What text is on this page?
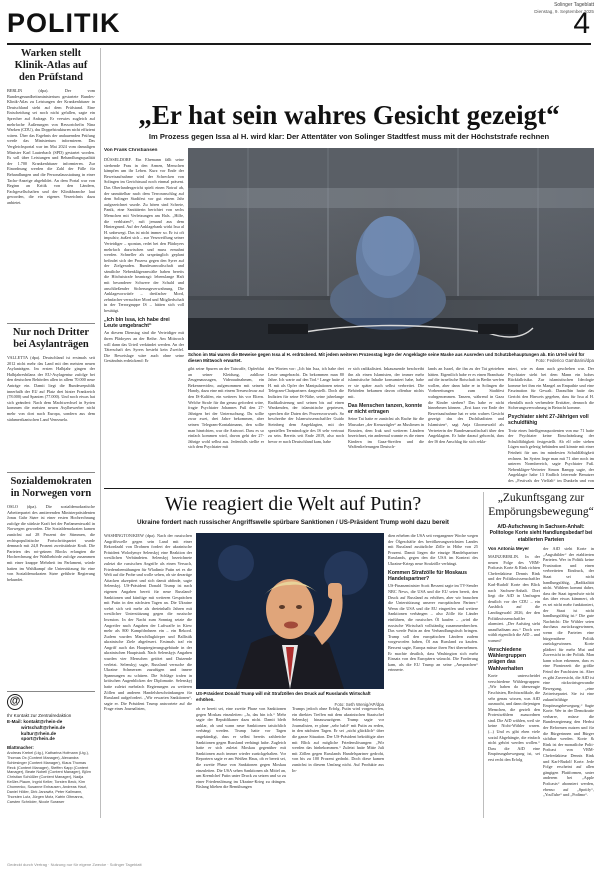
Solinger Tageblatt
Dienstag, 9. September 2025
POLITIK	4
Warken stellt Klinik-Atlas auf den Prüfstand
BERLIN (dpa). Der vom Bundesgesundheitsministerium gestartete Bundes-Klinik-Atlas zu Leistungen der Krankenhäuser in Deutschland steht auf dem Prüfstand. Eine Entscheidung sei noch nicht gefallen, sagte ein Sprecher auf Anfrage. Er verwies zugleich auf mehrfache Äußerungen von Ressortchefin Nina Warken (CDU), das Doppelstrukturen nicht effizient wären. Über das Ergebnis der andauernden Prüfung werde das Ministerium informieren. Das Vergleichsportal war im Mai 2024 vom damaligen Minister Karl Lauterbach (SPD) gestartet worden. Es soll über Leistungen und Behandlungsqualität der 1.700 Krankenhäuser informieren. Zur Einordnung werden die Zahl der Fälle für Behandlungen und die Personalausstattung in einer Tacho-Anzeige abgebildet. An dem Portal war von Beginn an Kritik von den Ländern, Fachgesellschaften und der Klinikbranche laut geworden, die ein eigenes Verzeichnis dazu anbietet.
Nur noch Dritter bei Asylanträgen
VALLETTA (dpa). Deutschland ist erstmals seit 2012 nicht mehr das Land mit den meisten neuen Asylanträgen. Im ersten Halbjahr gingen der Halbjahresbilanz der EU-Asylagentur zufolge bei den deutschen Behörden allen in allem 70.000 neue Anträge ein. Damit liegt die Bundesrepublik innerhalb der EU auf Platz drei hinter Frankreich (78.000) und Spanien (77.000). Und noch etwas hat sich geändert: Nach dem Machtwechsel in Syrien kommen die meisten neuen Asylbewerber nicht mehr von dort nach Europa, sondern aus dem südamerikanischen Land Venezuela.
Sozialdemokraten in Norwegen vorn
OSLO (dpa). Die sozialdemokratische Arbeiterpartei des amtierenden Ministerpräsidenten Jonas Gahr Støre ist einer ersten Hochrechnung zufolge die stärkste Kraft bei der Parlamentswahl in Norwegen geworden. Die Sozialdemokraten kamen zunächst auf 28 Prozent der Stimmen, die rechtspopulistische Fortschrittspartei wurde demnach mit 24,8 Prozent zweitstärkste Kraft. Die Parteien des rot-grünen Blocks erlangten die Hochrechnung der Wahlbehörde zufolge zusammen mit einer knappe Mehrheit im Parlament, würde hatten im Wahlkampf die Unterstützung für eine von Sozialdemokraten Støre geführte Regierung bekundet.
@
Ihr Kontakt zur Zentralredaktion
E-Mail: kontakt@rhein-de
wirtschaft@rhein.de
kultur@rhein.de
sport@rhein.de
Blattmacher:
Andreas Krebel (Ltg.), Katharina Hofmann (Ltg.), Thomas Ox (Content Manager), Alexandra Schlesinger (Content Manager), Klaus Thomas Reck (Content Manager), Steffen Kapp (Content Manager), Beate Nobell (Content Manager), Björn Christian Schüßler (Content Manager), Nadja Keßler-Plaum, Ingrid Keller, Torsten Beck, Kim Chomenko, Susanne Enhausen, Andreas Hauf, Daniel Höller, Dirk Janowitz, Peter Kallmann, Thorsten Lutz, Jürgen Motz, Katrin Oltmanns, Carsten Schröder, Nicole Surawer
„Er hat sein wahres Gesicht gezeigt“
Im Prozess gegen Issa al H. wird klar: Der Attentäter von Solinger Stadtfest muss mit der Höchststrafe rechnen
Von Frank Christiansen
DÜSSELDORF. Ein Ehemann fällt seine sterbende Frau in den Armen, Menschen kämpfen um ihr Leben. Kurz vor Ende der Beweisaufnahme wird der Schrecken von Solingen im Gerichtssaal noch einmal präsent. Das Oberlandesgericht spielt einen Notruf ab, der unmittelbar nach dem Terroranschlag auf dem Solinger Stadtfest vor gut einem Jahr aufgezeichnet wurde. Zu hören sind Schreie, Panik, eine Sanitäterin berichtet von sechs Menschen mit Verletzungen am Hals. „Hilfe, die verbluten!“, ruft jemand aus dem Hintergrund. Auf der Anklagebank wirkt Issa al H. unbewegt. Das ist nicht immer so. Er ist oft impulsiv, äußert sich – zur Verzweiflung seiner Verteidiger – spontan, redet bei den Plädoyers mehrfach dazwischen und muss ermahnt werden. Schneller als ursprünglich geplant befindet sich der Prozess gegen den Syrer auf der Zielgeraden. Bundesanwaltschaft und sämtliche Nebenklägeranwälte haben bereits die Höchststrafe beantragt: lebenslange Haft mit besonderer Schwere der Schuld und anschließender Sicherungsverwahrung. Die Anklagevorwürfe – dreifacher Mord, zehnfacher versuchter Mord und Mitgliedschaft in der Terrorgruppe IS – hätten sich voll bestätigt.
„Ich bin Issa, ich habe drei Leute umgebracht“
An diesem Dienstag sind die Verteidiger mit ihren Plädoyers an der Reihe. Am Mittwoch will dann das Urteil verkündet werden. An der Täterschaft des Syrers besteht kein Zweifel. Die Beweislage wäre auch ohne seine Geständnis erdrückend: Er
Schon im Mai waren die Beweise gegen Issa al H. erdrückend. Mit jedem weiteren Prozesstag legte der Angeklagte seine Maske aus Ausreden und Schutzbehauptungen ab. Ein Urteil wird für diesen Mittwoch erwartet.	Foto: Federico Gambarini/dpa
gibt seine Spuren an der Tatwaffe, Opferblut an seiner Kleidung, zahllose Zeugenaussagen, Videoaufnahmen, ein Bekennervideo, aufgenommen mit seinem Handy, dazu eine mit einem Treueschwur auf den IS-Kalifen, ein weiteres bis vor Eltern. Welche Strafe für ihn genau gefordert wäre, fragte Psychiater Johannes Fuß den 27-Jährigen bei der Untersuchung. Du sollte zwar zwei, drei Jahre bekommen, aber seinen Telegram-Kontaktmann, den sollte man hinrichten, war die Antwort. Dass es so einfach kommen wird, davon geht der 27-Jährige wohl selbst aus. Jedenfalls stellte er sich dem Psychiater mit
den Worten vor: „Ich bin Issa, ich habe drei Leute umgebracht. Da bekommen man 80 Jahre. Ich warte auf den Tod.“ Lange hatte al H. mit als Opfer der Manipulationen seines Telegram-Chatpartners dargestellt. Doch die Indizien für seine IS-Nähe, seine jahrelange Radikalisierung und seinen bis auf einen Wankenden, der islamistische gepriesen, sprechen die Daten des Prozessvorwurfs. So beschreibe der Islamwissenschaftler Guido Steinberg dem Angeklagten, mit der speziellen Terminologie des IS sehr vertraut zu sein. Bereits seit Ende 2019, also noch bevor er nach Deutschland kam, habe
er sich radikalisiert. Inkauzuende beschreibt ihn als einen Islamisten, der immer mehr islamistische Inhalte konsumiert habe, habe er sie später auch selbst verbreitet. Die Behörden bekamen davon offenbar nichts mit.
Das Menschen tanzen, konnte er nicht ertragen
Seine Tat hatte er zunächst als Rache für die Massaker „der Kreuzzügler“ an Muslimen in Bosnien, dem Irak und weiteren Ländern bezeichnet, ein andermal wannte es die einen Kindern im Gaza-Streifen und die Waffenlieferungen Deutsch-
lands an Israel, die ihn zu der Tat getrieben hätten. Eigentlich habe er es einen Brandsatz auf die israelische Botschaft in Berlin werfen wollen, aber dann habe er in Solingen die Vorbereitungen zum Stadtfest wahrgenommen. Tanzen, während in Gaza die Kinder sterben? Das habe er nicht hinnehmen können. „Erst kurz vor Ende der Beweisaufnahme hat er sein wahres Gesicht gezeigt: das des Dschihadisten und Islamisten“, sagt Anja Gloomewald als Vertreterin der Bundesanwaltschaft über den Angeklagten. Er habe darauf gehorcht, dass der IS den Anschlag für sich rekla-
miert, wie es dann auch geschehen war. Der Psychiater sieht bei dem Mann ein hohes Rückfallrisiko. Zur islamistischen Ideologie komme bei ihm ein Mangel an Empathie und eine Faszination für Gewalt. Daraufhin hatte das Gericht den Hinweis gegeben, dass für Issa al H. ebenfalls noch verhendete Ersttäter, dennoch die Sicherungsverwahrung in Betracht komme.
Psychiater sieht 27-Jährigen voll schuldfähig
Trotz eines Intelligenzquotienten von nur 71 hatte der Psychiater keine Einschränkung der Schuldfähigkeit festgestellt. Ab elf oder sieben Lügen nach gelesig bebünden und könnte mit einer Feinheit für uns im mindesten Schuldfähigkeit rechnen. Im Syrien liege man mit 71 aber noch im unteren Normbereich, sagte Psychiater Fuß. Nebenkläger-Vertreter Simon Rampp sagte, der Angeklagte habe 13 Endlich leierende Benutzer des „Festivals der Vielfalt“ im Dunkeln und von
Wie reagiert die Welt auf Putin?
Ukraine fordert nach russischer Angriffswelle spürbare Sanktionen / US-Präsident Trump wohl dazu bereit
WASHINGTON/KIEW (dpa). Nach der russischen Angriffswelle gegen sein Land mit einer Rekordzahl von Drohnen fordert der ukrainische Präsident Wolodymyr Selenskyj eine Reaktion der westlichen Verbündeten. Selenskyj bezeichnete zuletzt die russischen Angriffe als einen Versuch, Friedensbemühungen für Wladimir Putin sei es die Welt auf die Probe und wolle sehen, ob sie derartige Attacken akzeptiert und sich damit abfinde, sagte Selenskyj. US-Präsident Donald Trump ist nach eigenen Angaben bereit für neue Russland-Sanktionen und künftige mit weiteren Gesprächen mit Putin in den nächsten Tagen an. Die Ukraine wehrt sich seit mehr als dreieinhalb Jahren mit westlicher Unterstützung gegen die russische Invasion. In der Nacht zum Sonntag setzte die Angreifer nach Angaben der Luftwaffe in Kiew mehr als 800 Kampfdrohnen ein – ein Rekord. Zudem wurden Marschflugkörper und Ballistik ukrainische Ziele abgefeuert. Erstmals traf ein Angriff auch das Hauptregierungsgebäude in der ukrainischen Hauptstadt. Nach Selenskyjs Angaben wurden vier Menschen getötet und Dutzende verletzt. Selenskyj sagte, Russland versuche die Ukraine Schmerzen zuzufügen und innere Spannungen zu schüren. Die Schläge trafen in kritischen Augenblicken der Diplomatie. Selenskyj hatte zuletzt mehrfach Regierungen zu weiteren Zöllen und anderen Handelsbeschränkungen für Russland aufgefordert. „Wir erwarten Sanktionen“, sagte er. Die Präsident Trump antwortete auf die Frage eines Journalisten,
US-Präsident Donald Trump will mit Strafzöllen den Druck auf Russlands Wirtschaft erhöhen.
Foto: Seth Wenig/AP/dpa
ob er bereit sei, eine zweite Phase von Sanktionen gegen Moskau einzuleiten: „Ja, das bin ich.“ Mehr sagte der Republikaner dazu nicht. Damit bleib unklar, ob und wann neue Sanktionen tatsächlich verhängt werden. Trump hatte vor Tagen angekündigt, dass er selbst bereits zahlreiche Sanktionen gegen Russland verhängt habe. Zugleich hatte er sich zuletzt Moskau gegenüber mit Sanktionen auch immer wieder zurückgehalten. Vor Reportern sagte er am Weißen Haus, ob er bereit sei, die zweite Phase von Sanktionen gegen Moskau einzuleiten. Die USA sehen Sanktionen als Mittel an, um Kremlchef Putin unter Druck zu setzen und so zu einer Friedenslösung im Ukraine-Krieg zu drängen. Bislang blieben die Bemühungen
Trumps jedoch ohne Erfolg. Putin wird vorgeworfen, ein direktes Treffen mit dem ukrainischen Staatschef Selenskyj hinauszuzögern. Trump sagte vor Journalisten, er plane „sehr bald“ mit Putin zu reden, in den nächsten Tagen. Er sei „nicht glücklich“ über die ganze Situation. Der US-Präsident bekräftigte aber mit Blick auf mögliche Friedenslösungen: „Wir werden das hinbekommen.“ Zuletzt hatte Mitte Juli mit Zöllen gegen Russlands Handelspartner gedroht, von bis zu 100 Prozent gedroht. Doch diese kamen zunächst in diesem Umfang nicht. Auf Produkte aus In-
dien erheben die USA seit vergangener Woche wegen der Ölgeschäfte des bevölkerungsreichsten Landes mit Russland zusätzliche Zölle in Höhe von 25 Prozent. Damit liegen die einzige Handelspartner Russlands, gegen den die USA im Kontext des Ukraine-Kriegs neue Strafzölle verhängt.
Kommen Strafzölle für Moskaus Handelspartner?
US-Finanzminister Scott Bessent sagte im TV-Sender NBC News, die USA und die EU seien bereit, den Druck auf Russland zu erhöhen, aber wir brauchen die Unterstützung unserer europäischen Partner.“ Wenn die USA und die EU eingreifen und weitere Sanktionen verhängen – also Zölle für Länder einführen, die russisches Öl kaufen – „wird die russische Wirtschaft vollständig zusammenbrechen. Das werde Putin an den Verhandlungstisch bringen. Trump soll den europäischen Ländern zudem vorgeworfen haben, Öl aus Russland zu kaufen. Bessent sagte, Europa müsse ihren Part übernehmen. Er machte deutlich, dass Washington sich mehr Einsatz von den Europäern wünscht. Die Forderung kam, als die EU Trump an seine „Ansprachen“ erinnerte.
„Zukunftsgang zur Empörungsbewegung“
AfD-Aufschwung in Sachsen-Anhalt: Politologe Korte sieht Handlungsbedarf bei etablierten Parteien
Von Antonia Meyer
MAINZ/BERLIN. In der neuen Folge des VRM-Podcasts Korte & Rink richten Chefredakteur Dennis Rink und der Politikwissenschaftler Karl-Rudolf Korte den Blick nach Sachsen-Anhalt. Dort liegt die AfD in Umfragen deutlich vor der CDU – ein Ausblick auf die Landtagswahl 2026, der den Politikwissenschaftler alarmiert. „Der Aufstieg sieht unaufhaltsam aus.“ Doch wer wählt eigentlich die AfD – und warum?
Verschiedene Wählergruppen prägen das Wahlverhalten
Korte unterscheidet verschiedene Wählergruppen: „Wir haben da überzeugte Faschisten, Rechtsradikale, die sehr genau wissen, was AfD ausmacht, und dann diejenigen Menschen, die gezielt den Protestwählern zuzuordnen sind. Die AfD wählen, weil sie keine Nicht-Wähler waren. (...) Und es gibt eben viele sozial Abgehängte, die einfach nicht gehört werden wollen.“ Dass die AfD eine Empörungsbewegung ist, sei erst recht den Erfolg
der AfD sieht Korte in „Angstbilder“ der etablierten Parteien. Wer in Politik keine Frustration und einen verbreiteten Eindruck, der Staat sei nicht handlungsfähig, „Radikalität nicht. Wählern kommt daher, dass der Staat irgendwie nicht das über etwas kümmert, ob es sei nicht mehr funktioniert, der Staat ist nicht handlungsfähig ist.“ Die gute Nachricht: Die Wähler seien durchaus zurückzugewinnen, wenn die Parteien eine bürgernähere Politik zurückgewinnen. Korte plädiert für mehr Mut und Zuversicht in der Politik. Man kann schon erkennen, dass es eine Pionierzeit die größte Feind der Faschisten ist. Aber es gibt Zuversicht, die AfD ist eine rückwärtsgewandte Bewegung, „eine Zeitreisepartei. Sie ist eine zukunftsfähige Empörungsbewegung.“ Sagte Korte. Wer in der Demokratie verharre, müsse die Bundesregierung den Herbst der Reformen nutzen und für die Bürgerinnen und Bürger sichtbar werden. Korte & Rink ist der monatliche Polit-Podcast von VRM-Chefredakteur Dennis Rink und Karl-Rudolf Korte. Jede Folge erscheint auf allen gängigen Plattformen, unter anderem bei „Apple Podcasts“ abonniert werden, ebenso auf „Spotify“, „YouTube“ und „Podimo“.
Gedeckt durch Vertrag · Nutzung nur für eigene Zwecke · Solinger Tageblatt
